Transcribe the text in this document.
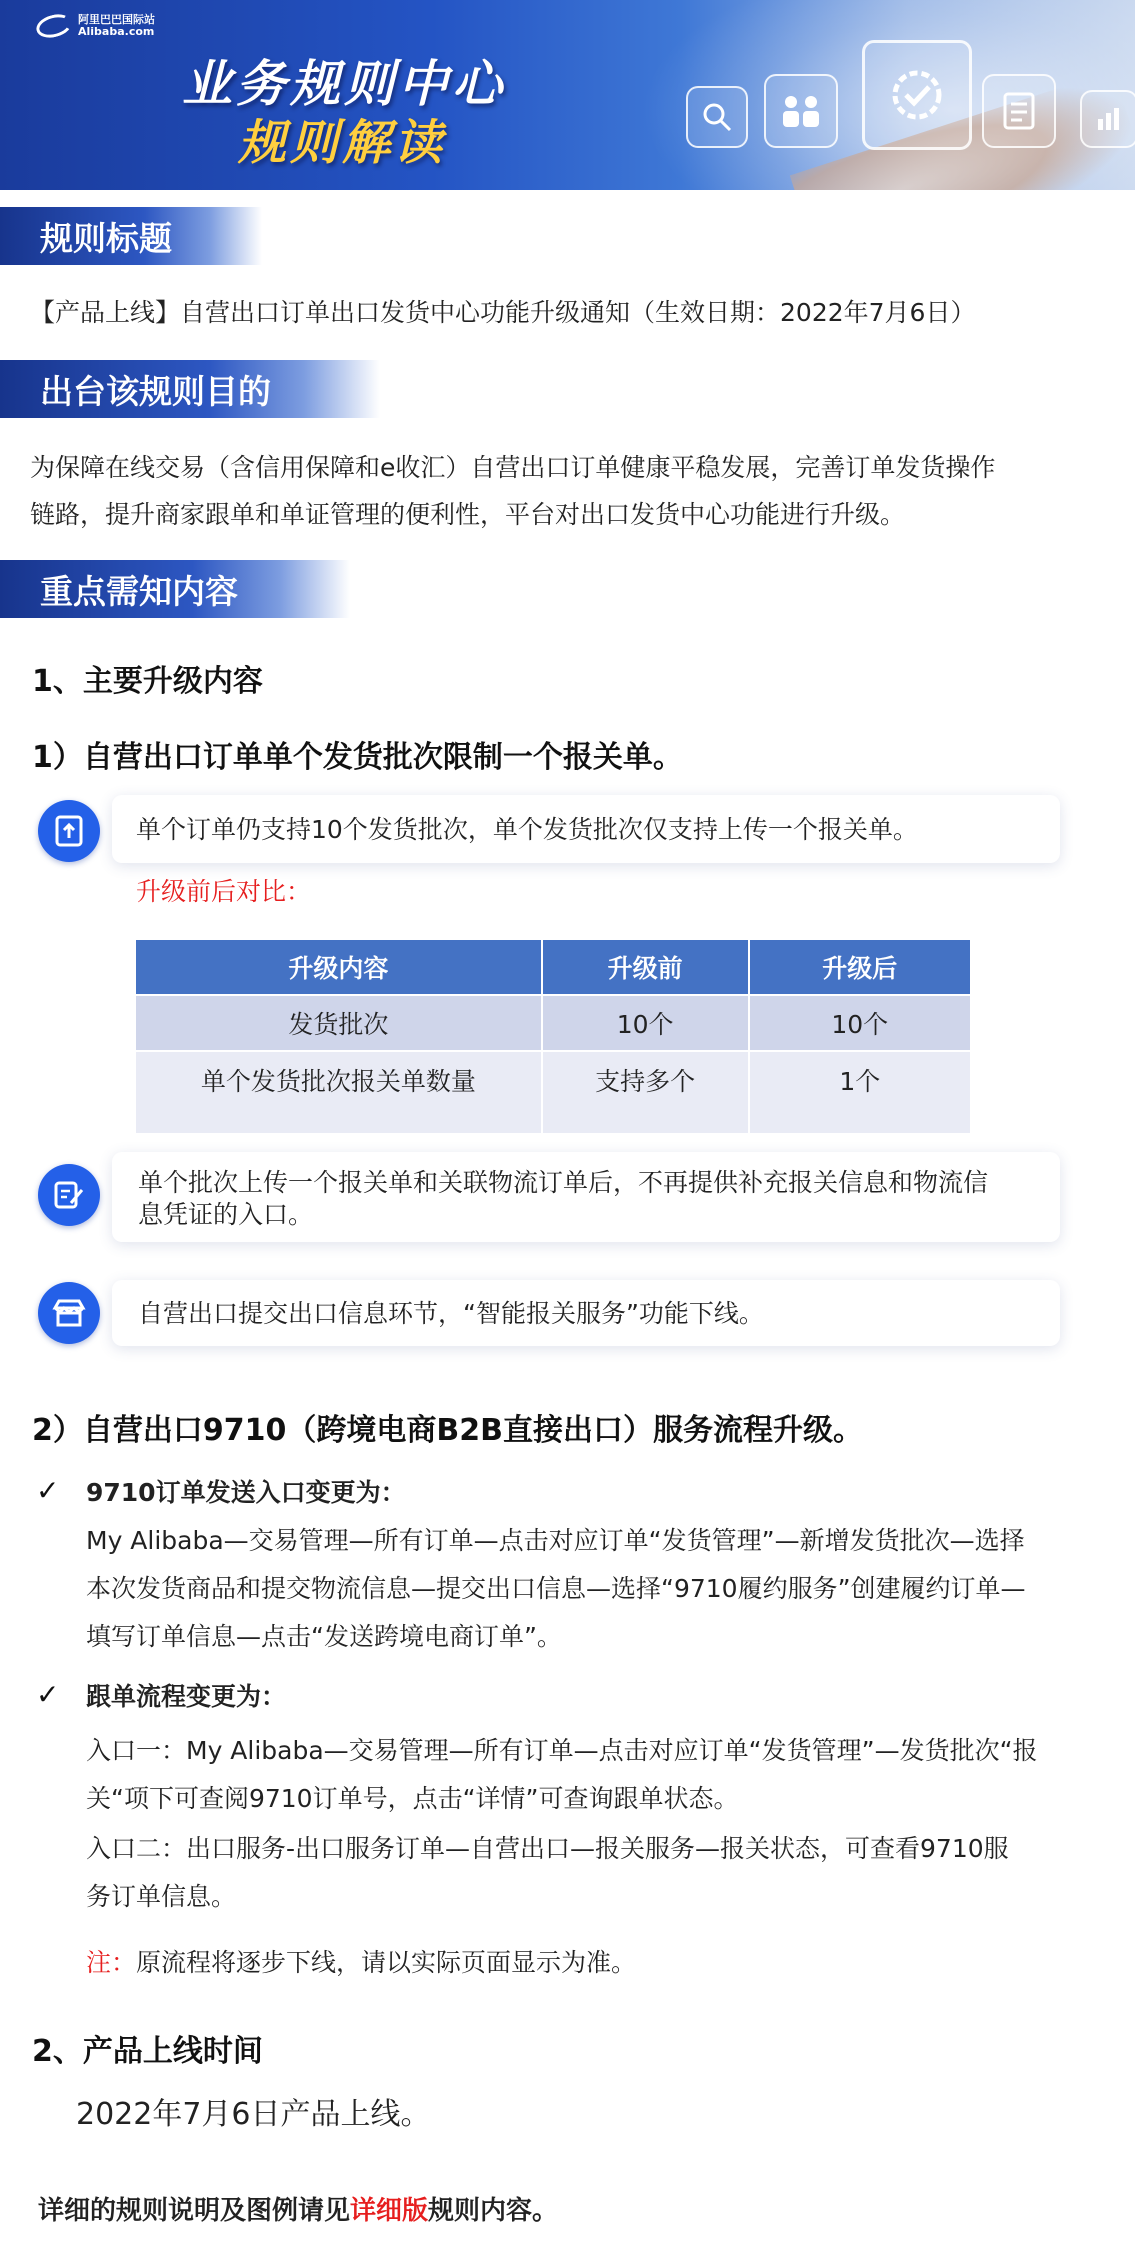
阿里巴巴国际站
Alibaba.com
业务规则中心
规则解读
规则标题
【产品上线】自营出口订单出口发货中心功能升级通知（生效日期：2022年7月6日）
出台该规则目的
为保障在线交易（含信用保障和e收汇）自营出口订单健康平稳发展，完善订单发货操作
链路，提升商家跟单和单证管理的便利性，平台对出口发货中心功能进行升级。
重点需知内容
1、主要升级内容
1）自营出口订单单个发货批次限制一个报关单。
单个订单仍支持10个发货批次，单个发货批次仅支持上传一个报关单。
升级前后对比：
升级内容	升级前	升级后
发货批次	10个	10个
单个发货批次报关单数量	支持多个	1个
单个批次上传一个报关单和关联物流订单后，不再提供补充报关信息和物流信
息凭证的入口。
自营出口提交出口信息环节，“智能报关服务”功能下线。
2）自营出口9710（跨境电商B2B直接出口）服务流程升级。
✓ 9710订单发送入口变更为：
My Alibaba—交易管理—所有订单—点击对应订单“发货管理”—新增发货批次—选择
本次发货商品和提交物流信息—提交出口信息—选择“9710履约服务”创建履约订单—
填写订单信息—点击“发送跨境电商订单”。
✓ 跟单流程变更为：
入口一：My Alibaba—交易管理—所有订单—点击对应订单“发货管理”—发货批次“报
关“项下可查阅9710订单号，点击“详情”可查询跟单状态。
入口二：出口服务-出口服务订单—自营出口—报关服务—报关状态，可查看9710服
务订单信息。
注：原流程将逐步下线，请以实际页面显示为准。
2、产品上线时间
2022年7月6日产品上线。
详细的规则说明及图例请见详细版规则内容。
